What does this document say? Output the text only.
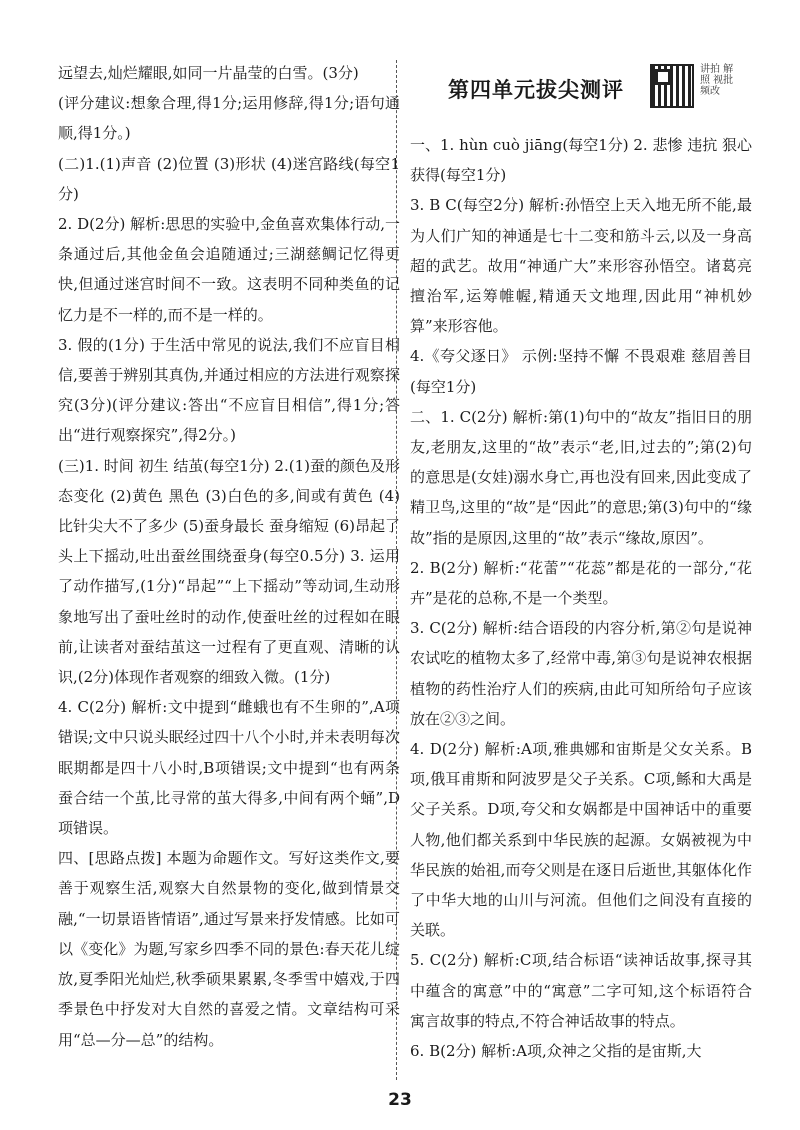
远望去,灿烂耀眼,如同一片晶莹的白雪。(3分)

(评分建议:想象合理,得1分;运用修辞,得1分;语句通顺,得1分。)

(二)1.(1)声音 (2)位置 (3)形状 (4)迷宫路线(每空1分)

2. D(2分) 解析:思思的实验中,金鱼喜欢集体行动,一条通过后,其他金鱼会追随通过;三湖慈鲷记忆得更快,但通过迷宫时间不一致。这表明不同种类鱼的记忆力是不一样的,而不是一样的。

3. 假的(1分) 于生活中常见的说法,我们不应盲目相信,要善于辨别其真伪,并通过相应的方法进行观察探究(3分)(评分建议:答出“不应盲目相信”,得1分;答出“进行观察探究”,得2分。)

(三)1. 时间 初生 结茧(每空1分) 2.(1)蚕的颜色及形态变化 (2)黄色 黑色 (3)白色的多,间或有黄色 (4)比针尖大不了多少 (5)蚕身最长 蚕身缩短 (6)昂起了头上下摇动,吐出蚕丝围绕蚕身(每空0.5分) 3. 运用了动作描写,(1分)“昂起”“上下摇动”等动词,生动形象地写出了蚕吐丝时的动作,使蚕吐丝的过程如在眼前,让读者对蚕结茧这一过程有了更直观、清晰的认识,(2分)体现作者观察的细致入微。(1分)

4. C(2分) 解析:文中提到“雌蛾也有不生卵的”,A项错误;文中只说头眠经过四十八个小时,并未表明每次眠期都是四十八小时,B项错误;文中提到“也有两条蚕合结一个茧,比寻常的茧大得多,中间有两个蛹”,D项错误。

四、[思路点拨] 本题为命题作文。写好这类作文,要善于观察生活,观察大自然景物的变化,做到情景交融,“一切景语皆情语”,通过写景来抒发情感。比如可以《变化》为题,写家乡四季不同的景色:春天花儿绽放,夏季阳光灿烂,秋季硕果累累,冬季雪中嬉戏,于四季景色中抒发对大自然的喜爱之情。文章结构可采用“总—分—总”的结构。

第四单元拔尖测评
讲拍 解照 视批 频改

一、1. hùn cuò jiāng(每空1分) 2. 悲惨 违抗 狠心 获得(每空1分)

3. B C(每空2分) 解析:孙悟空上天入地无所不能,最为人们广知的神通是七十二变和筋斗云,以及一身高超的武艺。故用“神通广大”来形容孙悟空。诸葛亮擅治军,运筹帷幄,精通天文地理,因此用“神机妙算”来形容他。

4.《夸父逐日》 示例:坚持不懈 不畏艰难 慈眉善目(每空1分)

二、1. C(2分) 解析:第(1)句中的“故友”指旧日的朋友,老朋友,这里的“故”表示“老,旧,过去的”;第(2)句的意思是(女娃)溺水身亡,再也没有回来,因此变成了精卫鸟,这里的“故”是“因此”的意思;第(3)句中的“缘故”指的是原因,这里的“故”表示“缘故,原因”。

2. B(2分) 解析:“花蕾”“花蕊”都是花的一部分,“花卉”是花的总称,不是一个类型。

3. C(2分) 解析:结合语段的内容分析,第②句是说神农试吃的植物太多了,经常中毒,第③句是说神农根据植物的药性治疗人们的疾病,由此可知所给句子应该放在②③之间。

4. D(2分) 解析:A项,雅典娜和宙斯是父女关系。B项,俄耳甫斯和阿波罗是父子关系。C项,鲧和大禹是父子关系。D项,夸父和女娲都是中国神话中的重要人物,他们都关系到中华民族的起源。女娲被视为中华民族的始祖,而夸父则是在逐日后逝世,其躯体化作了中华大地的山川与河流。但他们之间没有直接的关联。

5. C(2分) 解析:C项,结合标语“读神话故事,探寻其中蕴含的寓意”中的“寓意”二字可知,这个标语符合寓言故事的特点,不符合神话故事的特点。

6. B(2分) 解析:A项,众神之父指的是宙斯,大

23
